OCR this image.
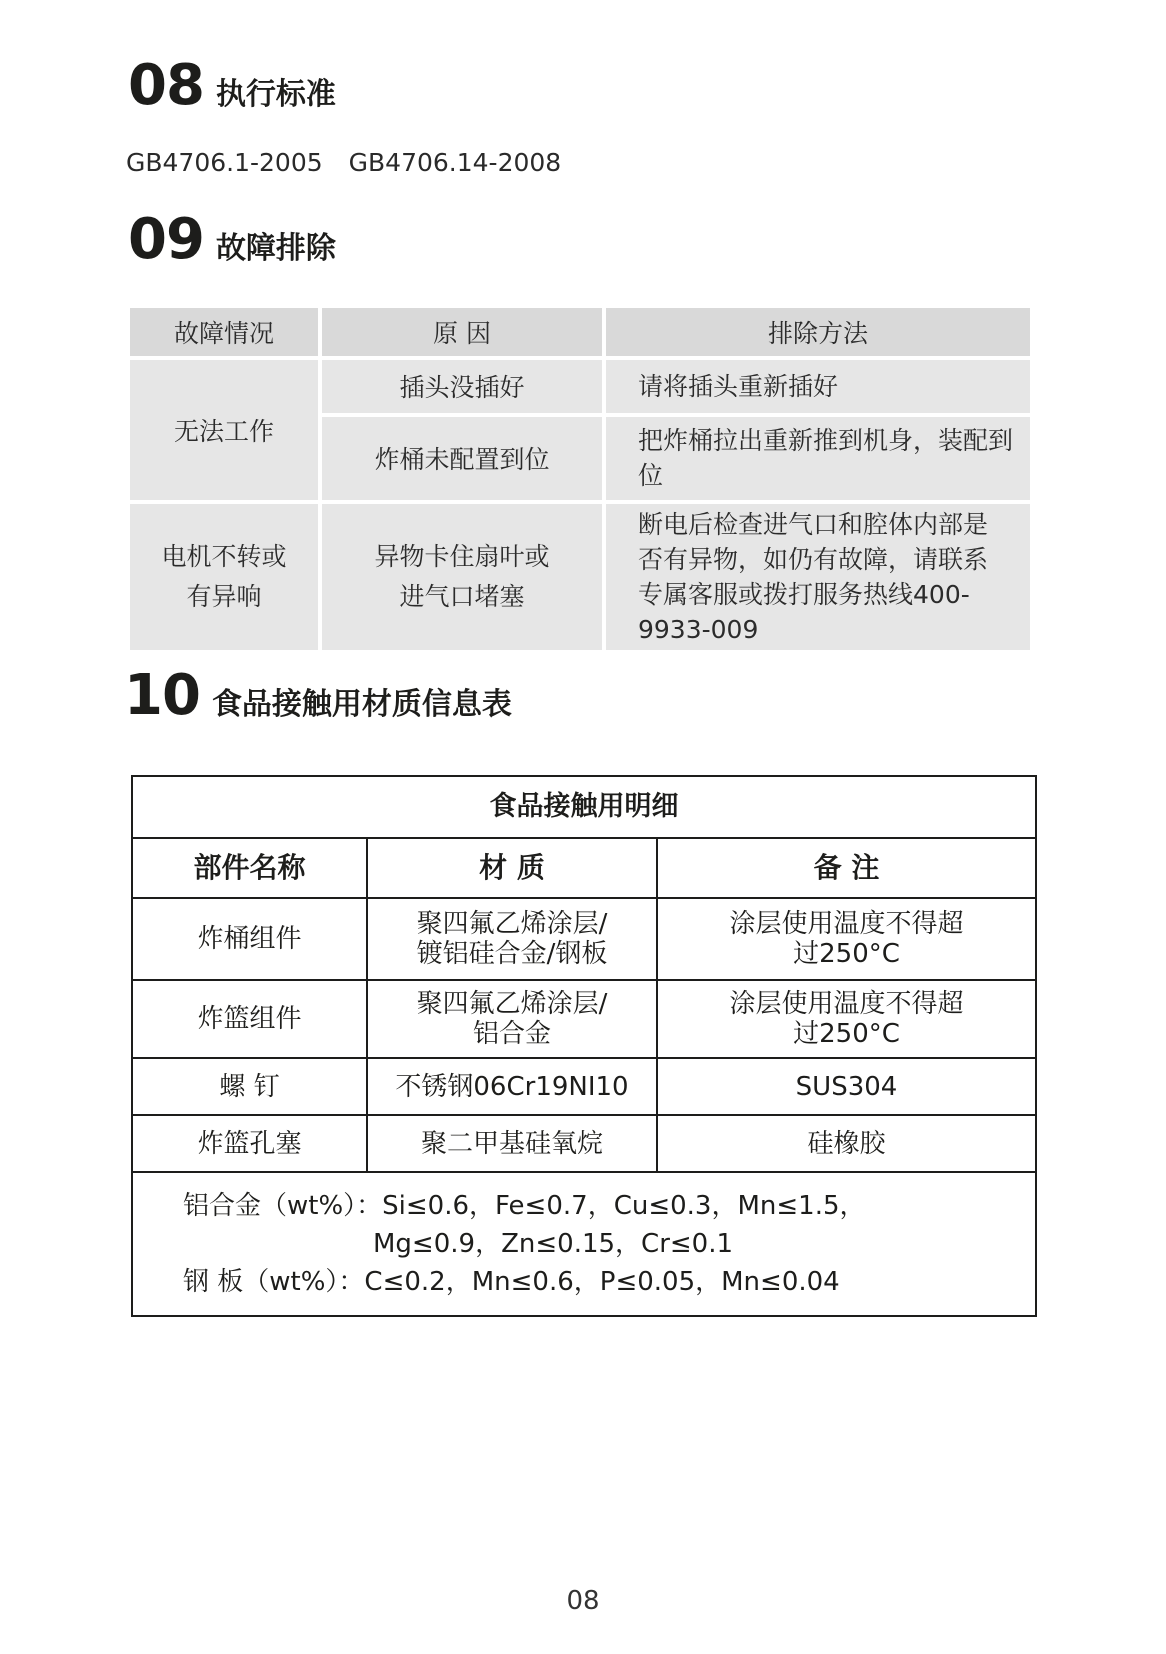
08 执行标准
GB4706.1-2005 GB4706.14-2008
09 故障排除
故障情况	原 因	排除方法
无法工作	插头没插好	请将插头重新插好
	炸桶未配置到位	把炸桶拉出重新推到机身，装配到位
电机不转或有异响	异物卡住扇叶或进气口堵塞	断电后检查进气口和腔体内部是否有异物，如仍有故障，请联系专属客服或拨打服务热线400-9933-009
10 食品接触用材质信息表
食品接触用明细		
部件名称	材 质	备 注
炸桶组件	聚四氟乙烯涂层/镀铝硅合金/钢板	涂层使用温度不得超过250°C
炸篮组件	聚四氟乙烯涂层/铝合金	涂层使用温度不得超过250°C
螺 钉	不锈钢06Cr19NI10	SUS304
炸篮孔塞	聚二甲基硅氧烷	硅橡胶
铝合金（wt%）：Si≤0.6，Fe≤0.7，Cu≤0.3，Mn≤1.5，
Mg≤0.9，Zn≤0.15，Cr≤0.1
钢 板（wt%）：C≤0.2，Mn≤0.6，P≤0.05，Mn≤0.04		
08
